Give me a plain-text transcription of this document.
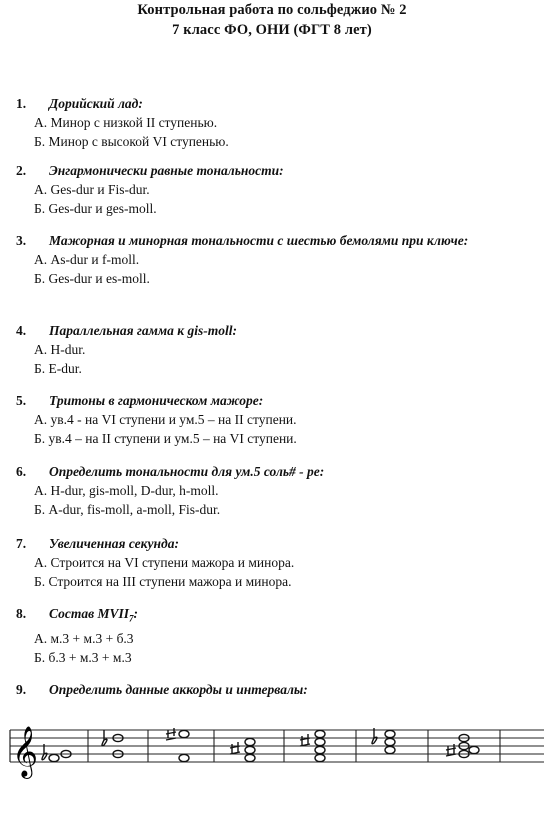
Контрольная работа по сольфеджио № 2
7 класс ФО, ОНИ (ФГТ 8 лет)
1.	Дорийский лад:
А. Минор с низкой II ступенью.
Б. Минор с высокой VI ступенью.
2.	Энгармонически равные тональности:
А. Ges-dur и Fis-dur.
Б. Ges-dur и ges-moll.
3.	Мажорная и минорная тональности с шестью бемолями при ключе:
А. As-dur и f-moll.
Б. Ges-dur и es-moll.
4.	Параллельная гамма к gis-moll:
А. H-dur.
Б. E-dur.
5.	Тритоны в гармоническом мажоре:
А. ув.4 - на VI ступени и ум.5 – на II ступени.
Б. ув.4 – на II ступени и ум.5 – на VI ступени.
6.	Определить тональности для ум.5 соль# - ре:
А. H-dur, gis-moll, D-dur, h-moll.
Б. A-dur, fis-moll, a-moll, Fis-dur.
7.	Увеличенная секунда:
А. Строится на VI ступени мажора и минора.
Б. Строится на III ступени мажора и минора.
8.	Состав $MVII_7$:
А. м.3 + м.3 + б.3
Б. б.3 + м.3 + м.3
9.	Определить данные аккорды и интервалы:
𝄞
